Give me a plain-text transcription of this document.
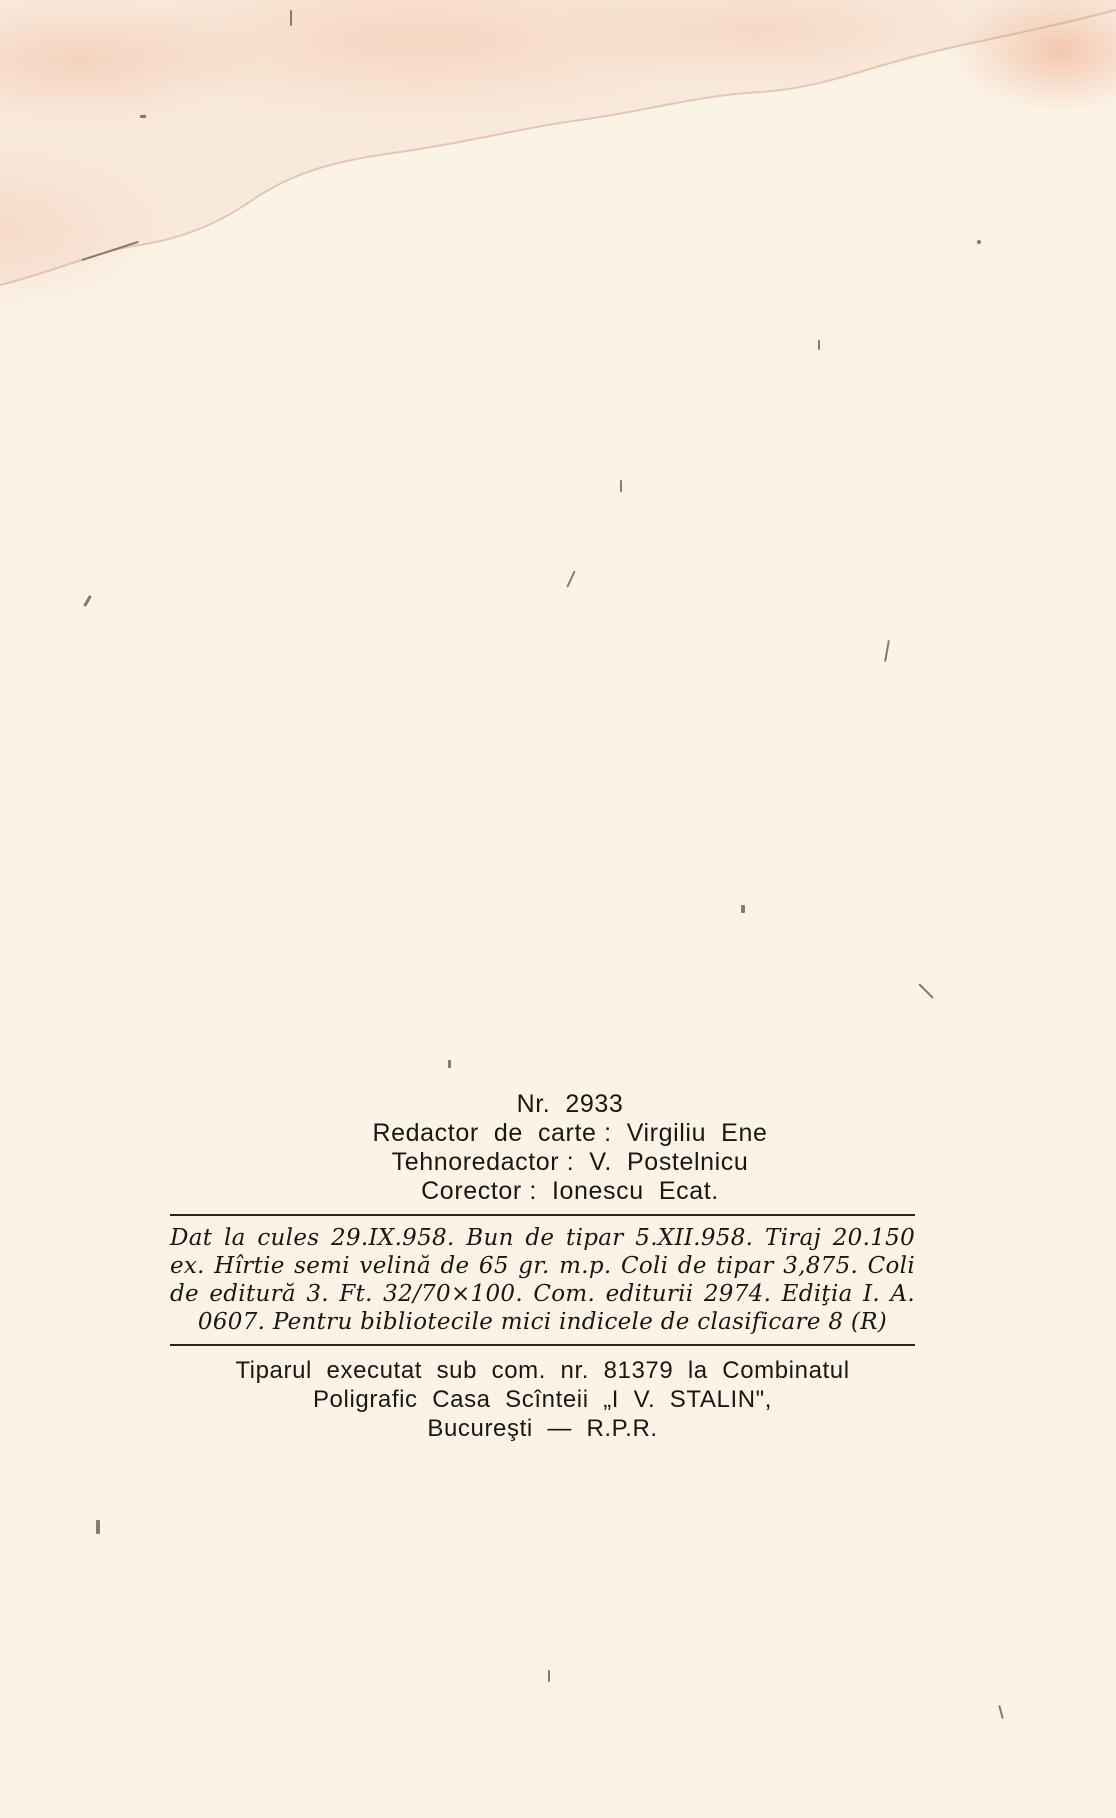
Nr.  2933
Redactor  de  carte :  Virgiliu  Ene
Tehnoredactor :  V.  Postelnicu
Corector :  Ionescu  Ecat.
Dat la cules 29.IX.958. Bun de tipar 5.XII.958. Tiraj 20.150 ex. Hîrtie semi velină de 65 gr. m.p. Coli de tipar 3,875. Coli de editură 3. Ft. 32/70×100. Com. editurii 2974. Ediţia I. A. 0607. Pentru bibliotecile mici indicele de clasificare 8 (R)
Tiparul  executat  sub  com.  nr.  81379  la  Combinatul
Poligrafic  Casa  Scînteii  „I  V.  STALIN",
Bucureşti  —  R.P.R.
